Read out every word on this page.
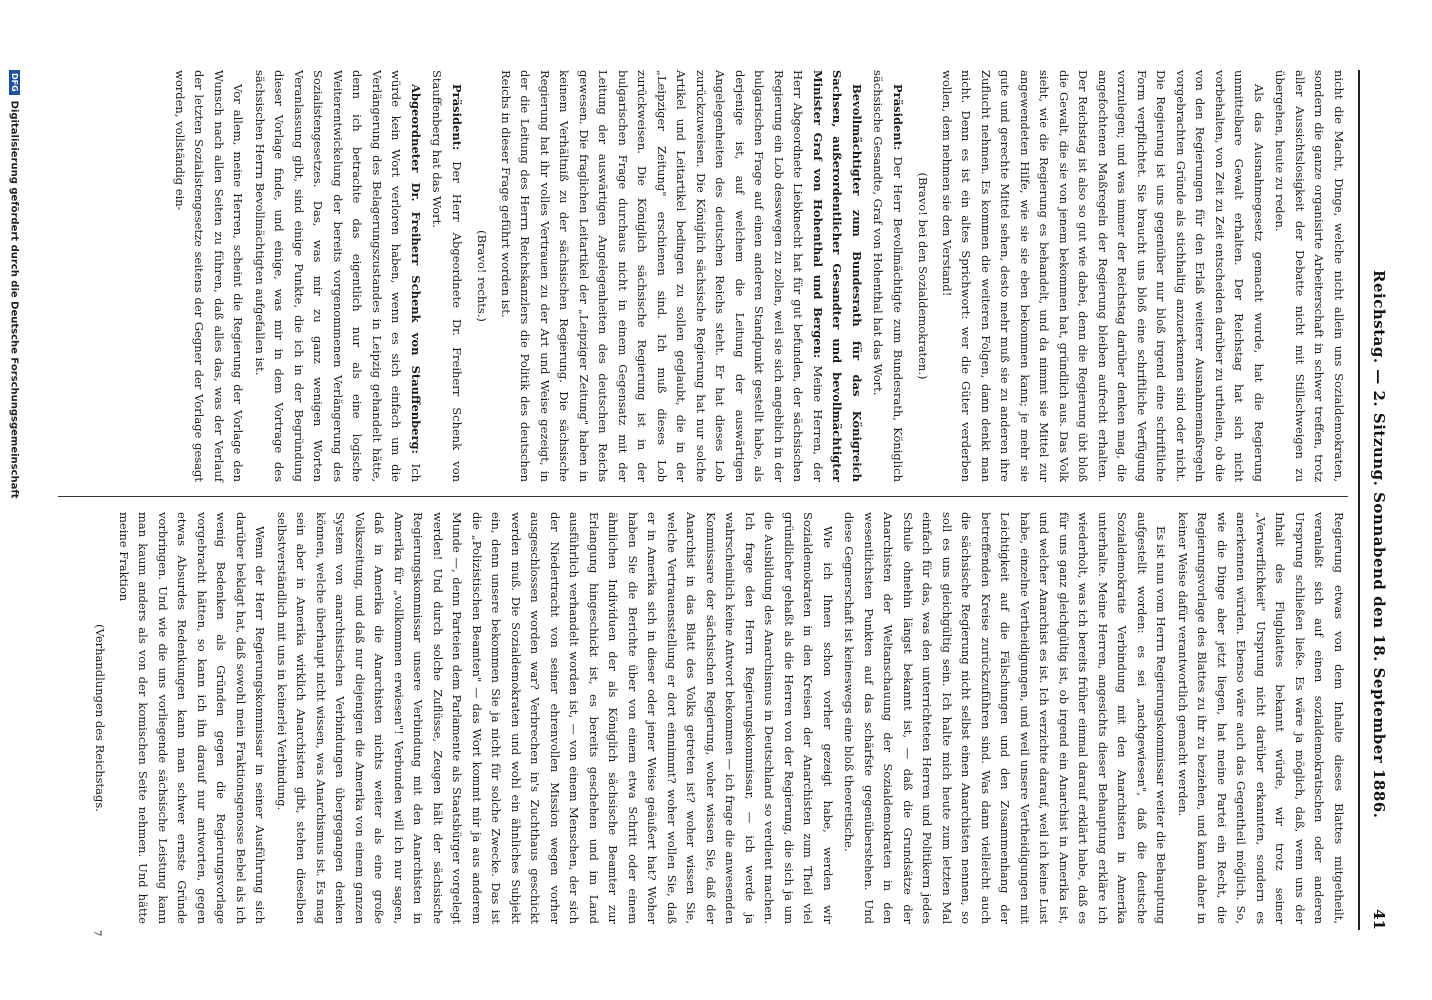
Reichstag. — 2. Sitzung. Sonnabend den 18. September 1886.
41

nicht die Macht, Dinge, welche nicht allein uns Sozialdemokraten, sondern die ganze organisirte Arbeiterschaft in schwer treffen, trotz aller Aussichtslosigkeit der Debatte nicht mit Stillschweigen zu übergehen, heute zu reden.

Als das Ausnahmegesetz gemacht wurde, hat die Regierung unmittelbare Gewalt erhalten. Der Reichstag hat sich nicht vorbehalten, von Zeit zu Zeit entscheiden darüber zu urtheilen, ob die von den Regierungen für den Erlaß weiterer Ausnahmemaßregeln vorgebrachten Gründe als stichhaltig anzuerkennen sind oder nicht. Die Regierung ist uns gegenüber nur bloß irgend eine schriftliche Form verpflichtet. Sie braucht uns bloß eine schriftliche Verfügung vorzulegen; und was immer der Reichstag darüber denken mag, die angefochtenen Maßregeln der Regierung bleiben aufrecht erhalten. Der Reichstag ist also so gut wie dabei, denn die Regierung übt bloß die Gewalt, die sie von jenem bekommen hat, gründlich aus. Das Volk sieht, wie die Regierung es behandelt, und da nimmt sie Mittel zur angewendeten Hilfe, wie sie sie eben bekommen kann; je mehr sie gute und gerechte Mittel sehen, desto mehr muß sie zu anderen ihre Zuflucht nehmen. Es kommen die weiteren Folgen, dann denkt man nicht. Denn es ist ein altes Sprichwort: wer die Güter verderben wollen, dem nehmen sie den Verstand!

(Bravo! bei den Sozialdemokraten.)

Präsident: Der Herr Bevollmächtigte zum Bundesrath, Königlich sächsische Gesandte, Graf von Hohenthal hat das Wort.

Bevollmächtigter zum Bundesrath für das Königreich Sachsen, außerordentlicher Gesandter und bevollmächtigter Minister Graf von Hohenthal und Bergen: Meine Herren, der Herr Abgeordnete Liebknecht hat für gut befunden, der sächsischen Regierung ein Lob desswegen zu zollen, weil sie sich angeblich in der bulgarischen Frage auf einen anderen Standpunkt gestellt habe, als derjenige ist, auf welchem die Leitung der auswärtigen Angelegenheiten des deutschen Reichs steht. Er hat dieses Lob zurückzuweisen. Die Königlich sächsische Regierung hat nur solche Artikel und Leitartikel bedingen zu sollen geglaubt, die in der „Leipziger Zeitung" erschienen sind. Ich muß dieses Lob zurückweisen. Die Königlich sächsische Regierung ist in der bulgarischen Frage durchaus nicht in einem Gegensatz mit der Leitung der auswärtigen Angelegenheiten des deutschen Reichs gewesen. Die fraglichen Leitartikel der „Leipziger Zeitung" haben in keinem Verhältniß zu der sächsischen Regierung. Die sächsische Regierung hat ihr volles Vertrauen zu der Art und Weise gezeigt, in der die Leitung des Herrn Reichskanzlers die Politik des deutschen Reichs in dieser Frage geführt worden ist.

(Bravo! rechts.)

Präsident: Der Herr Abgeordnete Dr. Freiherr Schenk von Stauffenberg hat das Wort.

Abgeordneter Dr. Freiherr Schenk von Stauffenberg: Ich würde kein Wort verloren haben, wenn es sich einfach um die Verlängerung des Belagerungszustandes in Leipzig gehandelt hätte, denn ich betrachte das eigentlich nur als eine logische Weiterentwickelung der bereits vorgenommenen Verlängerung des Sozialistengesetzes. Das, was mir zu ganz wenigen Worten Veranlassung gibt, sind einige Punkte, die ich in der Begründung dieser Vorlage finde, und einige, was mir in dem Vortrage des sächsischen Herrn Bevollmächtigten aufgefallen ist.

Vor allem, meine Herren, scheint die Regierung der Vorlage den Wunsch nach allen Seiten zu führen, daß alles das, was der Verlauf der letzten Sozialistengesetze seitens der Gegner der Vorlage gesagt worden, vollständig ein-

Regierung etwas von dem Inhalte dieses Blattes mitgetheilt, veranlaßt sich auf einen sozialdemokratischen oder anderen Ursprung schließen ließe. Es wäre ja möglich, daß, wenn uns der Inhalt des Flugblattes bekannt würde, wir trotz seiner „Verwerflichkeit" Ursprung nicht darüber erkannten, sondern es anerkennen würden. Ebenso wäre auch das Gegentheil möglich. So, wie die Dinge aber jetzt liegen, hat meine Partei ein Recht, die Regierungsvorlage des Blattes zu ihr zu beziehen, und kann daher in keiner Weise dafür verantwortlich gemacht werden.

Es ist nun vom Herrn Regierungskommissar weiter die Behauptung aufgestellt worden: es sei „nachgewiesen", daß die deutsche Sozialdemokratie Verbindung mit den Anarchisten in Amerika unterhalte. Meine Herren, angesichts dieser Behauptung erkläre ich wiederholt, was ich bereits früher einmal darauf erklärt habe, daß es für uns ganz gleichgültig ist, ob irgend ein Anarchist in Amerika ist, und welcher Anarchist es ist. Ich verzichte darauf, weil ich keine Lust habe, einzelne Vertheidigungen, und weil unsere Vertheidigungen mit Leichtigkeit auf die Fälschungen und den Zusammenhang der betreffenden Kreise zurückzuführen sind. Was dann vielleicht auch die sächsische Regierung nicht selbst einen Anarchisten nennen, so soll es uns gleichgültig sein. Ich halte mich heute zum letzten Mal einfach für das, was den unterrichteten Herren und Politikern jedes Schule ohnehin längst bekannt ist, — daß die Grundsätze der Anarchisten der Weltanschauung der Sozialdemokraten in den wesentlichsten Punkten auf das schärfste gegenüberstehen. Und diese Gegnerschaft ist keineswegs eine bloß theoretische.

Wie ich Ihnen schon vorher gezeigt habe, werden wir Sozialdemokraten in den Kreisen der Anarchisten zum Theil viel gründlicher gehaßt als die Herren von der Regierung, die sich ja um die Ausbildung des Anarchismus in Deutschland so verdient machen. Ich frage den Herrn Regierungskommissar, — ich werde ja wahrscheinlich keine Antwort bekommen — ich frage die anwesenden Kommissare der sächsischen Regierung, woher wissen Sie, daß der Anarchist in das Blatt des Volks getreten ist? woher wissen Sie, welche Vertrauensstellung er dort einnimmt? woher wollen Sie, daß er in Amerika sich in dieser oder jener Weise geäußert hat? Woher haben Sie die Berichte über von einem etwa Schritt oder einem ähnlichen Individuen der als Königlich sächsische Beamter zur Erlangung hingeschickt ist, es bereits geschehen und im Land ausführlich verhandelt worden ist, — von einem Menschen, der sich der Niedertracht von seiner ehrenvollen Mission wegen vorher ausgeschlossen worden war? Verbrechen in's Zuchthaus geschickt werden muß. Die Sozialdemokraten und wohl ein ähnliches Subjekt ein, denn unsere bekommen Sie ja nicht für solche Zwecke. Das ist die „Polizistischen Beamten" — das Wort kommt mir ja aus anderem Munde —, denn Parteien dem Parlamente als Staatsbürger vorgelegt werden! Und durch solche Zuflüsse, Zeugen hält der sächsische Regierungskommissar unsere Verbindung mit den Anarchisten in Amerika für „vollkommen erwiesen"! Verbunden will ich nur sagen, daß in Amerika die Anarchisten nichts weiter als eine große Volkszeitung, und daß nur diejenigen die Amerika von einem ganzen System von anarchistischen Verbindungen übergegangen denken können, welche überhaupt nicht wissen, was Anarchismus ist. Es mag sein aber in Amerika wirklich Anarchisten gibt, stehen dieselben selbstverständlich mit uns in keinerlei Verbindung.

Wenn der Herr Regierungskommissar in seiner Ausführung sich darüber beklagt hat, daß sowohl mein Fraktionsgenosse Bebel als ich wenig Bedenken als Gründen gegen die Regierungsvorlage vorgebracht hätten, so kann ich ihn darauf nur antworten, gegen etwas Absurdes Redenkungen kann man schwer ernste Gründe vorbringen. Und wie die uns vorliegende sächsische Leistung kann man kaum anders als von der komischen Seite nehmen. Und hätte meine Fraktion

(Verhandlungen des Reichstags.

7
DFGDigitalisierung gefördert durch die Deutsche Forschungsgemeinschaft
